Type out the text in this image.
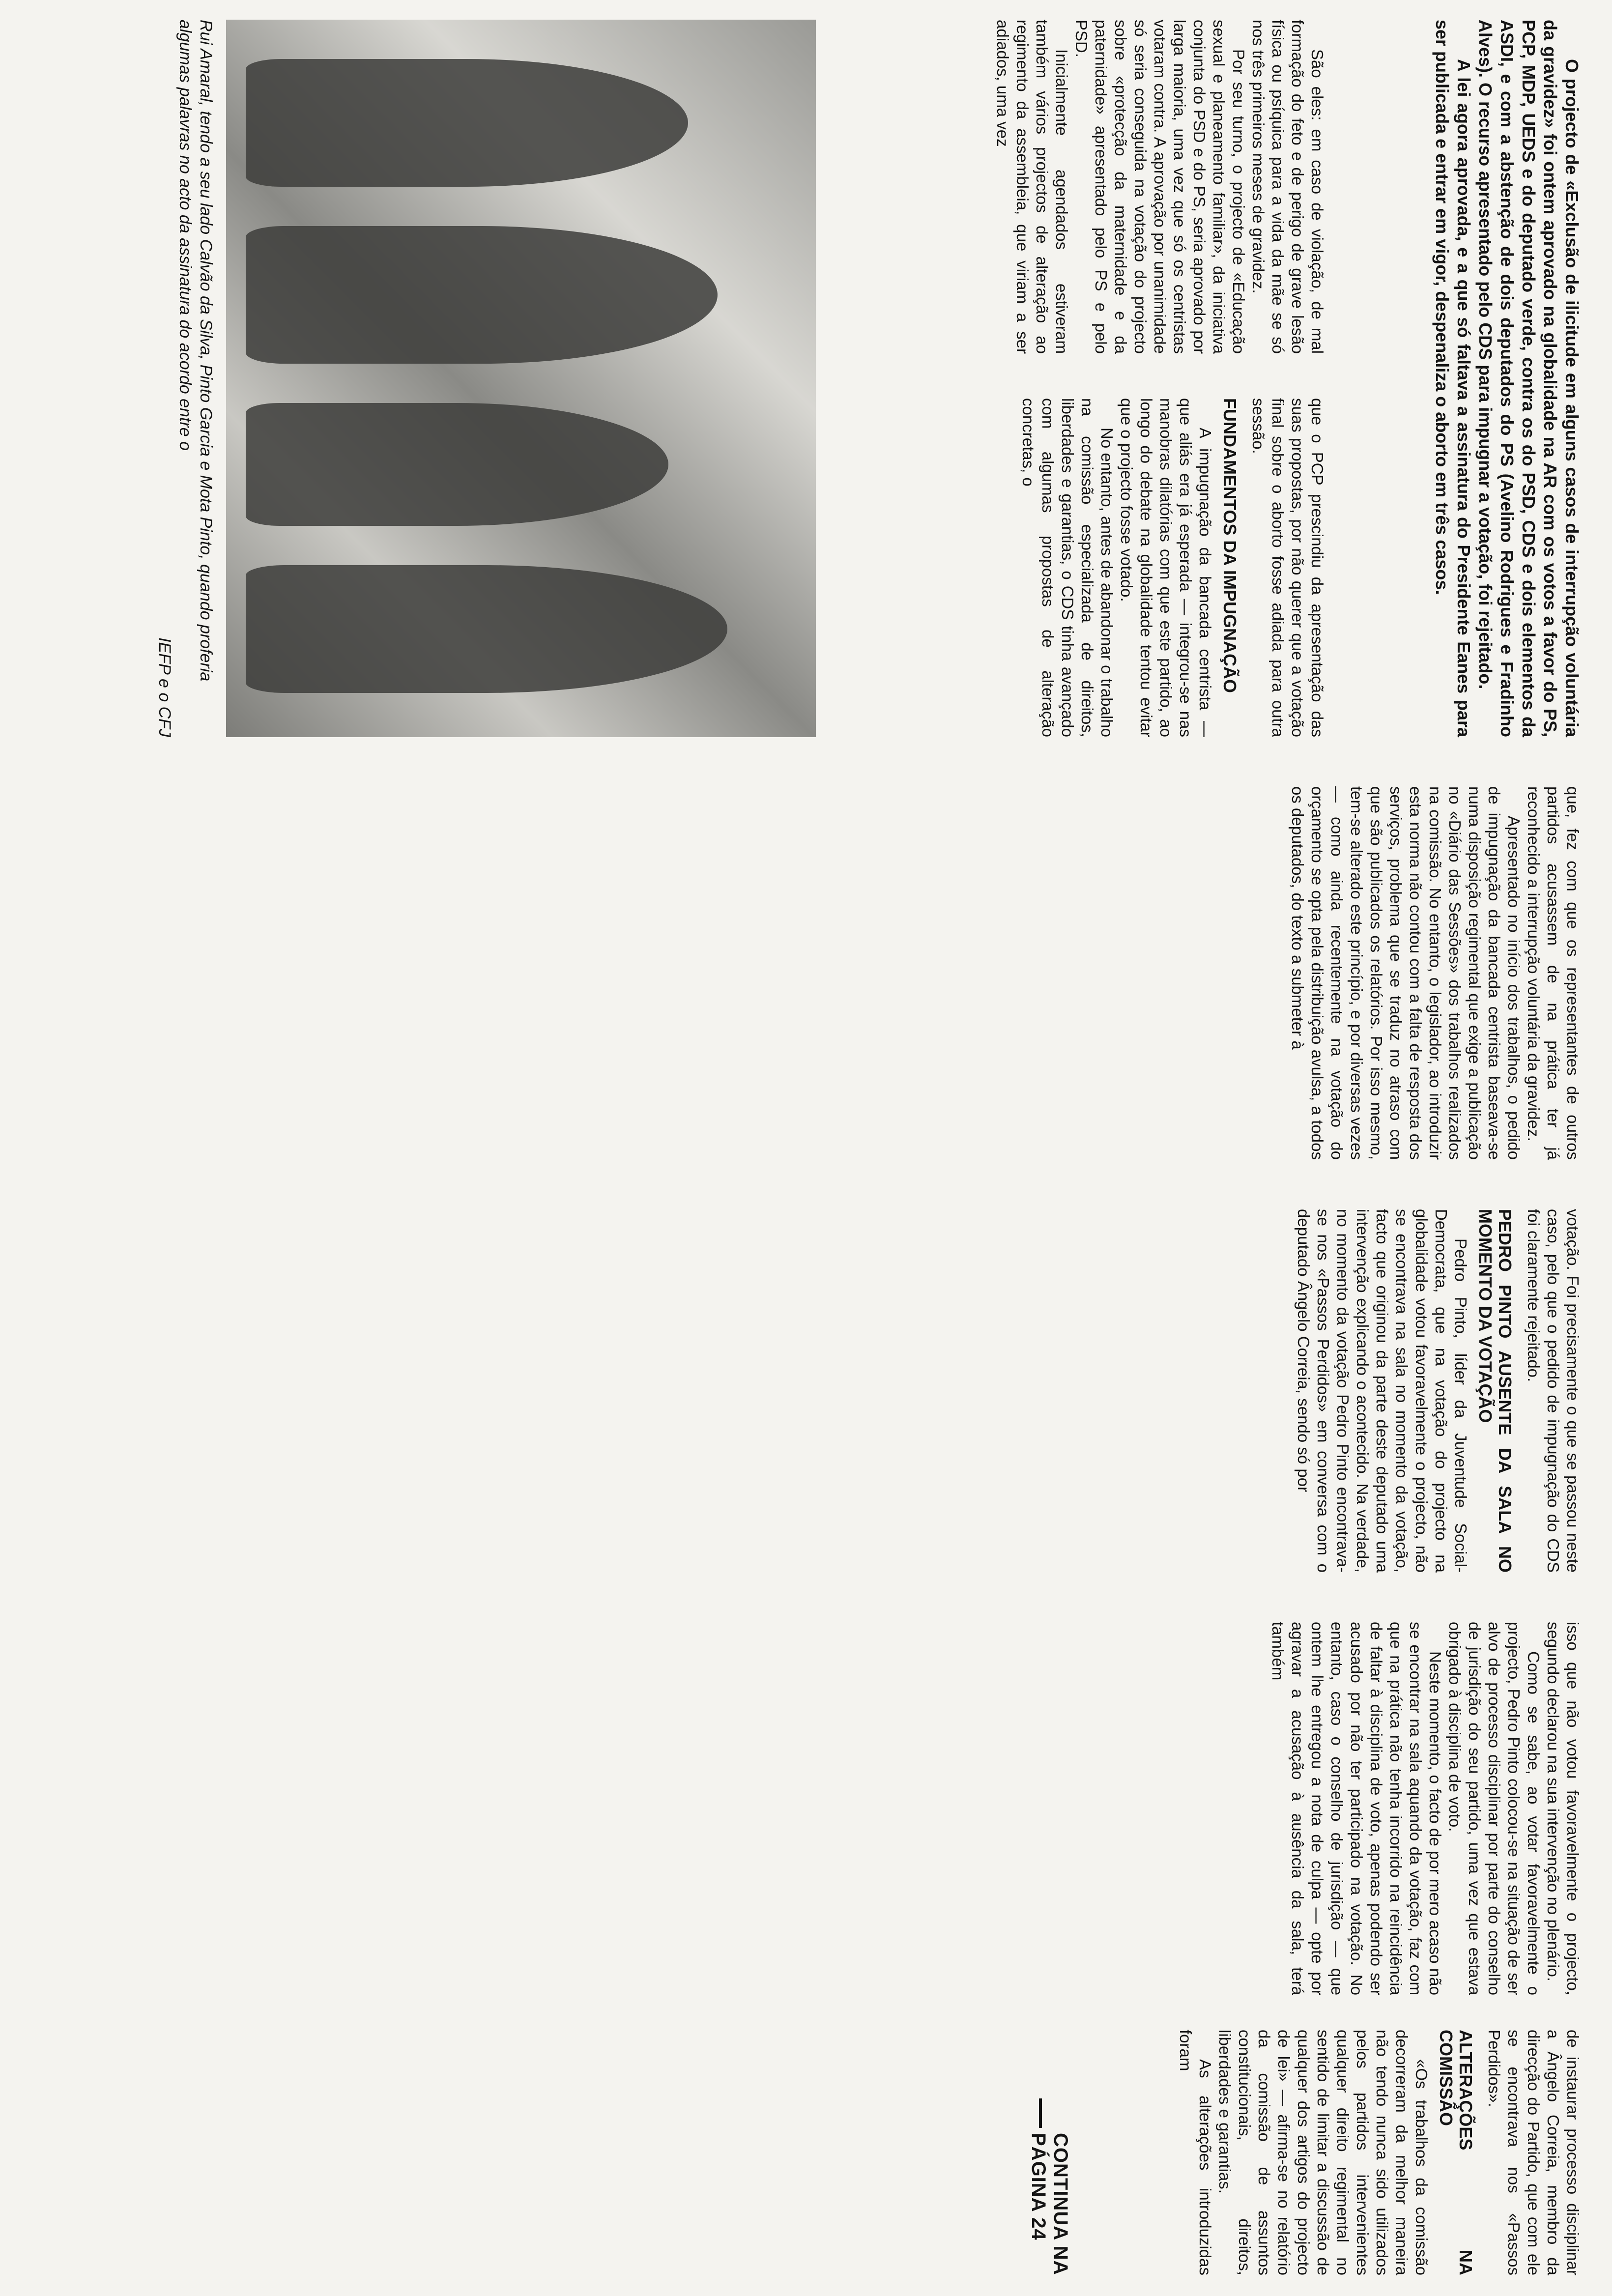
O projecto de «Exclusão de ilicitude em alguns casos de interrupção voluntária da gravidez» foi ontem aprovado na globalidade na AR com os votos a favor do PS, PCP, MDP, UEDS e do deputado verde, contra os do PSD, CDS e dois elementos da ASDI, e com a abstenção de dois deputados do PS (Avelino Rodrigues e Fradinho Alves). O recurso apresentado pelo CDS para impugnar a votação, foi rejeitado.

A lei agora aprovada, e a que só faltava a assinatura do Presidente Eanes para ser publicada e entrar em vigor, despenaliza o aborto em três casos.

São eles: em caso de violação, de mal formação do feto e de perigo de grave lesão física ou psíquica para a vida da mãe se só nos três primeiros meses de gravidez.

Por seu turno, o projecto de «Educação sexual e planeamento familiar», da iniciativa conjunta do PSD e do PS, seria aprovado por larga maioria, uma vez que só os centristas votaram contra. A aprovação por unanimidade só seria conseguida na votação do projecto sobre «protecção da maternidade e da paternidade» apresentado pelo PS e pelo PSD.

Inicialmente agendados estiveram também vários projectos de alteração ao regimento da assembleia, que viriam a ser adiados, uma vez

que o PCP prescindiu da apresentação das suas propostas, por não querer que a votação final sobre o aborto fosse adiada para outra sessão.

FUNDAMENTOS DA IMPUGNAÇÃO

A impugnação da bancada centrista — que aliás era já esperada — integrou-se nas manobras dilatórias com que este partido, ao longo do debate na globalidade tentou evitar que o projecto fosse votado.

No entanto, antes de abandonar o trabalho na comissão especializada de direitos, liberdades e garantias, o CDS tinha avançado com algumas propostas de alteração concretas, o

que, fez com que os representantes de outros partidos acusassem de na prática ter já reconhecido a interrupção voluntária da gravidez.

Apresentado no início dos trabalhos, o pedido de impugnação da bancada centrista baseava-se numa disposição regimental que exige a publicação no «Diário das Sessões» dos trabalhos realizados na comissão. No entanto, o legislador, ao introduzir esta norma não contou com a falta de resposta dos serviços, problema que se traduz no atraso com que são publicados os relatórios. Por isso mesmo, tem-se alterado este princípio, e por diversas vezes — como ainda recentemente na votação do orçamento se opta pela distribuição avulsa, a todos os deputados, do texto a submeter à

votação. Foi precisamente o que se passou neste caso, pelo que o pedido de impugnação do CDS foi claramente rejeitado.

PEDRO PINTO AUSENTE DA SALA NO MOMENTO DA VOTAÇÃO

Pedro Pinto, líder da Juventude Social-Democrata, que na votação do projecto na globalidade votou favoravelmente o projecto, não se encontrava na sala no momento da votação, facto que originou da parte deste deputado uma intervenção explicando o acontecido. Na verdade, no momento da votação Pedro Pinto encontrava-se nos «Passos Perdidos» em conversa com o deputado Ângelo Correia, sendo só por

isso que não votou favoravelmente o projecto, segundo declarou na sua intervenção no plenário.

Como se sabe, ao votar favoravelmente o projecto, Pedro Pinto colocou-se na situação de ser alvo de processo disciplinar por parte do conselho de jurisdição do seu partido, uma vez que estava obrigado à disciplina de voto.

Neste momento, o facto de por mero acaso não se encontrar na sala aquando da votação, faz com que na prática não tenha incorrido na reincidência de faltar à disciplina de voto, apenas podendo ser acusado por não ter participado na votação. No entanto, caso o conselho de jurisdição — que ontem lhe entregou a nota de culpa — opte por agravar a acusação à ausência da sala, terá também

de instaurar processo disciplinar a Ângelo Correia, membro da direcção do Partido, que com ele se encontrava nos «Passos Perdidos».

ALTERAÇÕES NA COMISSÃO

«Os trabalhos da comissão decorreram da melhor maneira não tendo nunca sido utilizados pelos partidos intervenientes qualquer direito regimental no sentido de limitar a discussão de qualquer dos artigos do projecto de lei» — afirma-se no relatório da comissão de assuntos constitucionais, direitos, liberdades e garantias.

As alterações introduzidas foram

CONTINUA NA PÁGINA 24

Rui Amaral, tendo a seu lado Calvão da Silva, Pinto Garcia e Mota Pinto, quando proferia algumas palavras no acto da assinatura do acordo entre o
IEFP e o CFJ
